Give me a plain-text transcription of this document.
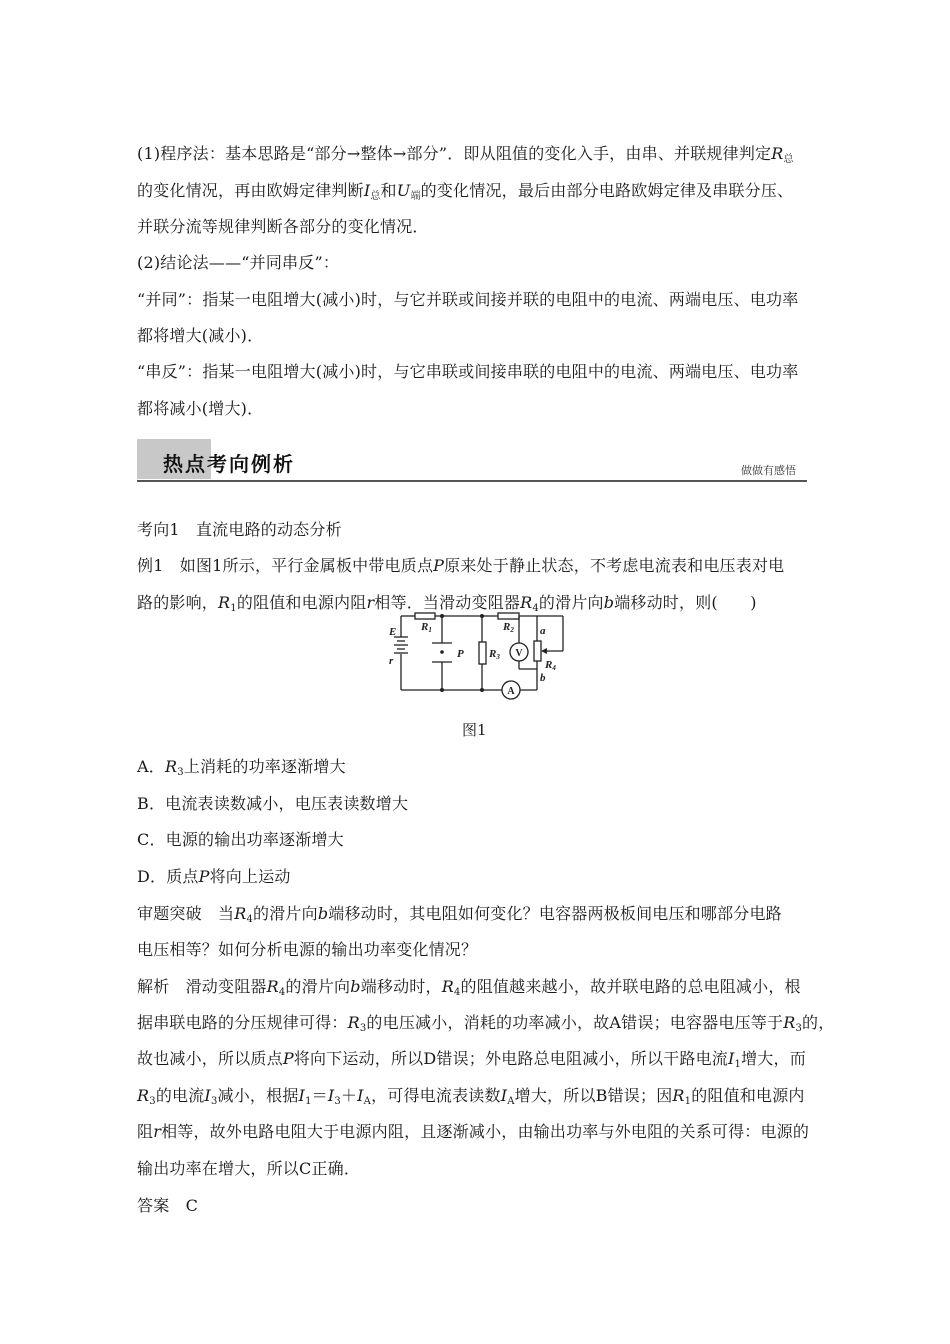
(1)程序法：基本思路是“部分→整体→部分”．即从阻值的变化入手，由串、并联规律判定R总
的变化情况，再由欧姆定律判断I总和U端的变化情况，最后由部分电路欧姆定律及串联分压、
并联分流等规律判断各部分的变化情况．
(2)结论法——“并同串反”：
“并同”：指某一电阻增大(减小)时，与它并联或间接并联的电阻中的电流、两端电压、电功率
都将增大(减小)．
“串反”：指某一电阻增大(减小)时，与它串联或间接串联的电阻中的电流、两端电压、电功率
都将减小(增大)．
热点考向例析	做做有感悟
考向1　直流电路的动态分析
例1　如图1所示，平行金属板中带电质点P原来处于静止状态，不考虑电流表和电压表对电
路的影响，R1的阻值和电源内阻r相等．当滑动变阻器R4的滑片向b端移动时，则(　　)
E
r
R1	R2
R3
R4
P
a
b
V
A
图1
A．R3上消耗的功率逐渐增大
B．电流表读数减小，电压表读数增大
C．电源的输出功率逐渐增大
D．质点P将向上运动
审题突破　当R4的滑片向b端移动时，其电阻如何变化？电容器两极板间电压和哪部分电路
电压相等？如何分析电源的输出功率变化情况？
解析　滑动变阻器R4的滑片向b端移动时，R4的阻值越来越小，故并联电路的总电阻减小，根
据串联电路的分压规律可得：R3的电压减小，消耗的功率减小，故A错误；电容器电压等于R3的，
故也减小，所以质点P将向下运动，所以D错误；外电路总电阻减小，所以干路电流I1增大，而
R3的电流I3减小，根据I1＝I3＋IA，可得电流表读数IA增大，所以B错误；因R1的阻值和电源内
阻r相等，故外电路电阻大于电源内阻，且逐渐减小，由输出功率与外电阻的关系可得：电源的
输出功率在增大，所以C正确．
答案　C
